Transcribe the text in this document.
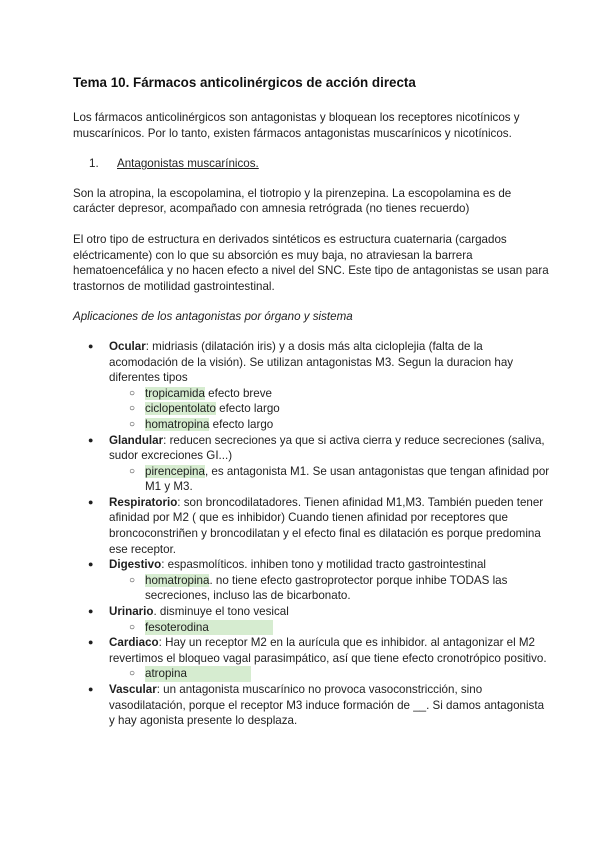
Tema 10. Fármacos anticolinérgicos de acción directa

Los fármacos anticolinérgicos son antagonistas y bloquean los receptores nicotínicos y muscarínicos. Por lo tanto, existen fármacos antagonistas muscarínicos y nicotínicos.

1. Antagonistas muscarínicos.

Son la atropina, la escopolamina, el tiotropio y la pirenzepina. La escopolamina es de carácter depresor, acompañado con amnesia retrógrada (no tienes recuerdo)

El otro tipo de estructura en derivados sintéticos es estructura cuaternaria (cargados eléctricamente) con lo que su absorción es muy baja, no atraviesan la barrera hematoencefálica y no hacen efecto a nivel del SNC. Este tipo de antagonistas se usan para trastornos de motilidad gastrointestinal.

Aplicaciones de los antagonistas por órgano y sistema
● Ocular: midriasis (dilatación iris) y a dosis más alta cicloplejia (falta de la acomodación de la visión). Se utilizan antagonistas M3. Segun la duracion hay diferentes tipos
○ tropicamida efecto breve
○ ciclopentolato efecto largo
○ homatropina efecto largo
● Glandular: reducen secreciones ya que si activa cierra y reduce secreciones (saliva, sudor excreciones GI...)
○ pirencepina, es antagonista M1. Se usan antagonistas que tengan afinidad por M1 y M3.
● Respiratorio: son broncodilatadores. Tienen afinidad M1,M3. También pueden tener afinidad por M2 ( que es inhibidor) Cuando tienen afinidad por receptores que broncoconstriñen y broncodilatan y el efecto final es dilatación es porque predomina ese receptor.
● Digestivo: espasmolíticos. inhiben tono y motilidad tracto gastrointestinal
○ homatropina. no tiene efecto gastroprotector porque inhibe TODAS las secreciones, incluso las de bicarbonato.
● Urinario. disminuye el tono vesical
○ fesoterodina
● Cardiaco: Hay un receptor M2 en la aurícula que es inhibidor. al antagonizar el M2 revertimos el bloqueo vagal parasimpático, así que tiene efecto cronotrópico positivo.
○ atropina
● Vascular: un antagonista muscarínico no provoca vasoconstricción, sino vasodilatación, porque el receptor M3 induce formación de __. Si damos antagonista y hay agonista presente lo desplaza.
